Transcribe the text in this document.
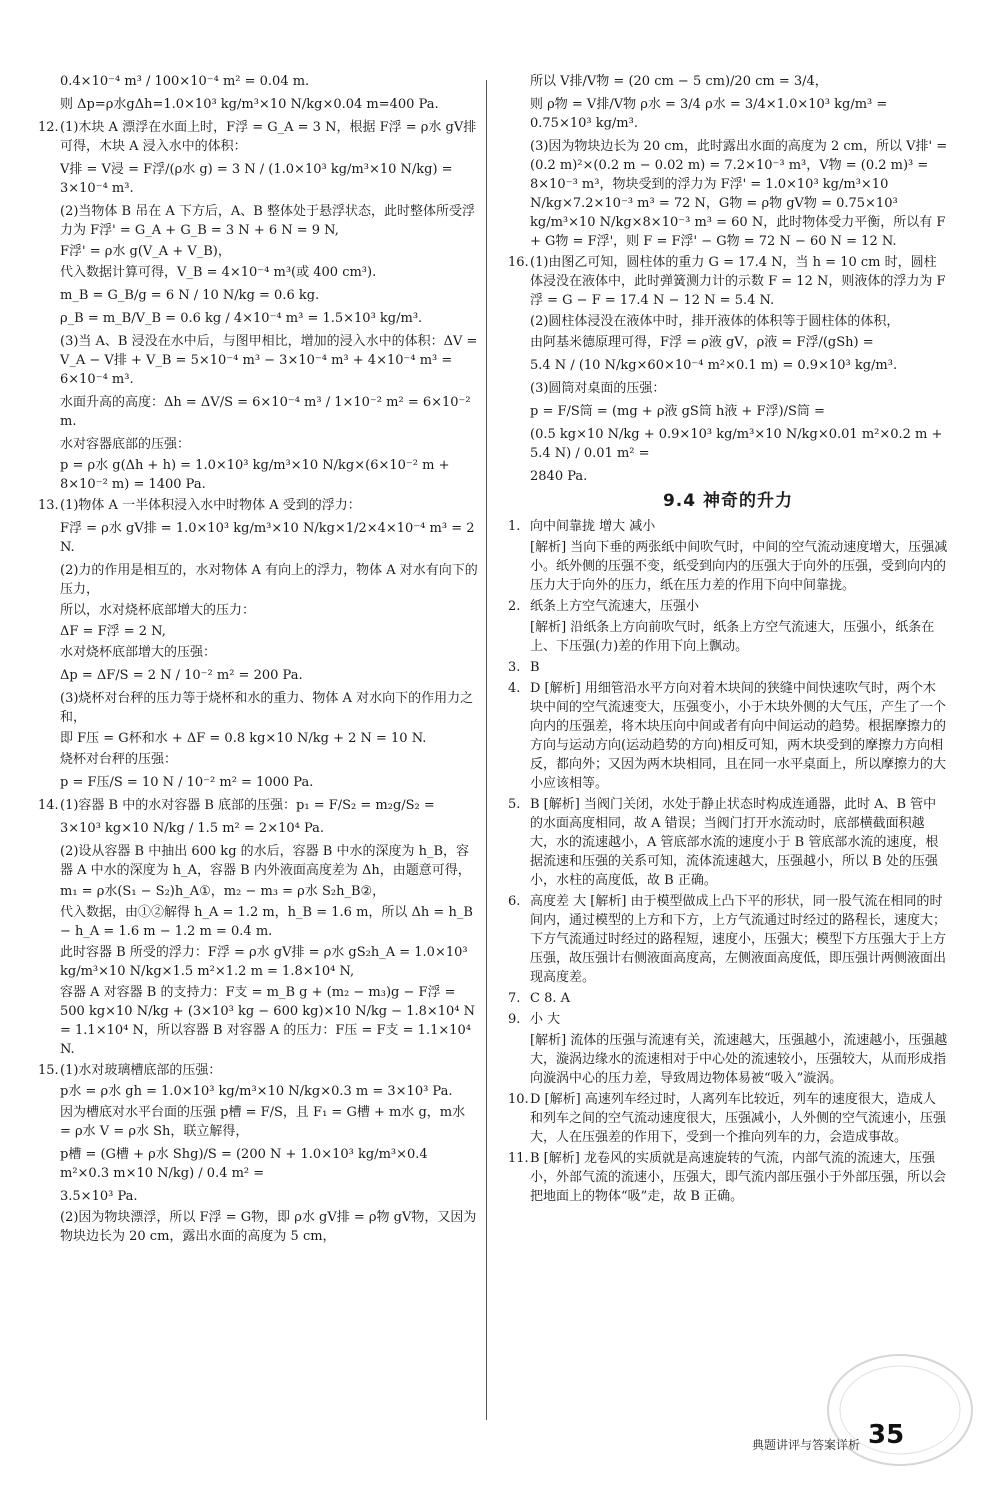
0.4×10⁻⁴ m³ / 100×10⁻⁴ m² = 0.04 m.
则 Δp=ρ水gΔh=1.0×10³ kg/m³×10 N/kg×0.04 m=400 Pa.
12.(1)木块 A 漂浮在水面上时，F浮 = G_A = 3 N，根据 F浮 = ρ水 gV排 可得，木块 A 浸入水中的体积：
V排 = V浸 = F浮/(ρ水 g) = 3 N / (1.0×10³ kg/m³×10 N/kg) = 3×10⁻⁴ m³.
(2)当物体 B 吊在 A 下方后，A、B 整体处于悬浮状态，此时整体所受浮力为 F浮' = G_A + G_B = 3 N + 6 N = 9 N,
F浮' = ρ水 g(V_A + V_B)，
代入数据计算可得，V_B = 4×10⁻⁴ m³(或 400 cm³).
m_B = G_B/g = 6 N / 10 N/kg = 0.6 kg.
ρ_B = m_B/V_B = 0.6 kg / 4×10⁻⁴ m³ = 1.5×10³ kg/m³.
(3)当 A、B 浸没在水中后，与图甲相比，增加的浸入水中的体积：ΔV = V_A − V排 + V_B = 5×10⁻⁴ m³ − 3×10⁻⁴ m³ + 4×10⁻⁴ m³ = 6×10⁻⁴ m³.
水面升高的高度：Δh = ΔV/S = 6×10⁻⁴ m³ / 1×10⁻² m² = 6×10⁻² m.
水对容器底部的压强：
p = ρ水 g(Δh + h) = 1.0×10³ kg/m³×10 N/kg×(6×10⁻² m + 8×10⁻² m) = 1400 Pa.
13.(1)物体 A 一半体积浸入水中时物体 A 受到的浮力：
F浮 = ρ水 gV排 = 1.0×10³ kg/m³×10 N/kg×1/2×4×10⁻⁴ m³ = 2 N.
(2)力的作用是相互的，水对物体 A 有向上的浮力，物体 A 对水有向下的压力，
所以，水对烧杯底部增大的压力：
ΔF = F浮 = 2 N,
水对烧杯底部增大的压强：
Δp = ΔF/S = 2 N / 10⁻² m² = 200 Pa.
(3)烧杯对台秤的压力等于烧杯和水的重力、物体 A 对水向下的作用力之和，
即 F压 = G杯和水 + ΔF = 0.8 kg×10 N/kg + 2 N = 10 N.
烧杯对台秤的压强：
p = F压/S = 10 N / 10⁻² m² = 1000 Pa.
14.(1)容器 B 中的水对容器 B 底部的压强：p₁ = F/S₂ = m₂g/S₂ =
3×10³ kg×10 N/kg / 1.5 m² = 2×10⁴ Pa.
(2)设从容器 B 中抽出 600 kg 的水后，容器 B 中水的深度为 h_B，容器 A 中水的深度为 h_A，容器 B 内外液面高度差为 Δh，由题意可得，
m₁ = ρ水(S₁ − S₂)h_A①，m₂ − m₃ = ρ水 S₂h_B②，
代入数据，由①②解得 h_A = 1.2 m，h_B = 1.6 m，所以 Δh = h_B − h_A = 1.6 m − 1.2 m = 0.4 m.
此时容器 B 所受的浮力：F浮 = ρ水 gV排 = ρ水 gS₂h_A = 1.0×10³ kg/m³×10 N/kg×1.5 m²×1.2 m = 1.8×10⁴ N,
容器 A 对容器 B 的支持力：F支 = m_B g + (m₂ − m₃)g − F浮 = 500 kg×10 N/kg + (3×10³ kg − 600 kg)×10 N/kg − 1.8×10⁴ N = 1.1×10⁴ N，所以容器 B 对容器 A 的压力：F压 = F支 = 1.1×10⁴ N.
15.(1)水对玻璃槽底部的压强：
p水 = ρ水 gh = 1.0×10³ kg/m³×10 N/kg×0.3 m = 3×10³ Pa.
因为槽底对水平台面的压强 p槽 = F/S，且 F₁ = G槽 + m水 g，m水 = ρ水 V = ρ水 Sh，联立解得，
p槽 = (G槽 + ρ水 Shg)/S = (200 N + 1.0×10³ kg/m³×0.4 m²×0.3 m×10 N/kg) / 0.4 m² =
3.5×10³ Pa.
(2)因为物块漂浮，所以 F浮 = G物，即 ρ水 gV排 = ρ物 gV物，又因为物块边长为 20 cm，露出水面的高度为 5 cm，
所以 V排/V物 = (20 cm − 5 cm)/20 cm = 3/4，
则 ρ物 = V排/V物 ρ水 = 3/4 ρ水 = 3/4×1.0×10³ kg/m³ = 0.75×10³ kg/m³.
(3)因为物块边长为 20 cm，此时露出水面的高度为 2 cm，所以 V排' = (0.2 m)²×(0.2 m − 0.02 m) = 7.2×10⁻³ m³，V物 = (0.2 m)³ = 8×10⁻³ m³，物块受到的浮力为 F浮' = 1.0×10³ kg/m³×10 N/kg×7.2×10⁻³ m³ = 72 N，G物 = ρ物 gV物 = 0.75×10³ kg/m³×10 N/kg×8×10⁻³ m³ = 60 N，此时物体受力平衡，所以有 F + G物 = F浮'，则 F = F浮' − G物 = 72 N − 60 N = 12 N.
16.(1)由图乙可知，圆柱体的重力 G = 17.4 N，当 h = 10 cm 时，圆柱体浸没在液体中，此时弹簧测力计的示数 F = 12 N，则液体的浮力为 F浮 = G − F = 17.4 N − 12 N = 5.4 N.
(2)圆柱体浸没在液体中时，排开液体的体积等于圆柱体的体积，
由阿基米德原理可得，F浮 = ρ液 gV，ρ液 = F浮/(gSh) =
5.4 N / (10 N/kg×60×10⁻⁴ m²×0.1 m) = 0.9×10³ kg/m³.
(3)圆筒对桌面的压强：
p = F/S筒 = (mg + ρ液 gS筒 h液 + F浮)/S筒 =
(0.5 kg×10 N/kg + 0.9×10³ kg/m³×10 N/kg×0.01 m²×0.2 m + 5.4 N) / 0.01 m² =
2840 Pa.
9.4 神奇的升力
1. 向中间靠拢 增大 减小
[解析] 当向下垂的两张纸中间吹气时，中间的空气流动速度增大，压强减小。纸外侧的压强不变，纸受到向内的压强大于向外的压强，受到向内的压力大于向外的压力，纸在压力差的作用下向中间靠拢。
2. 纸条上方空气流速大，压强小
[解析] 沿纸条上方向前吹气时，纸条上方空气流速大，压强小，纸条在上、下压强(力)差的作用下向上飘动。
3. B
4. D [解析] 用细管沿水平方向对着木块间的狭缝中间快速吹气时，两个木块中间的空气流速变大，压强变小，小于木块外侧的大气压，产生了一个向内的压强差，将木块压向中间或者有向中间运动的趋势。根据摩擦力的方向与运动方向(运动趋势的方向)相反可知，两木块受到的摩擦力方向相反，都向外；又因为两木块相同，且在同一水平桌面上，所以摩擦力的大小应该相等。
5. B [解析] 当阀门关闭，水处于静止状态时构成连通器，此时 A、B 管中的水面高度相同，故 A 错误；当阀门打开水流动时，底部横截面积越大，水的流速越小，A 管底部水流的速度小于 B 管底部水流的速度，根据流速和压强的关系可知，流体流速越大，压强越小，所以 B 处的压强小，水柱的高度低，故 B 正确。
6. 高度差 大 [解析] 由于模型做成上凸下平的形状，同一股气流在相同的时间内，通过模型的上方和下方，上方气流通过时经过的路程长，速度大；下方气流通过时经过的路程短，速度小，压强大；模型下方压强大于上方压强，故压强计右侧液面高度高，左侧液面高度低，即压强计两侧液面出现高度差。
7. C 8. A
9. 小 大
[解析] 流体的压强与流速有关，流速越大，压强越小，流速越小，压强越大，漩涡边缘水的流速相对于中心处的流速较小，压强较大，从而形成指向漩涡中心的压力差，导致周边物体易被“吸入”漩涡。
10.D [解析] 高速列车经过时，人离列车比较近，列车的速度很大，造成人和列车之间的空气流动速度很大，压强减小，人外侧的空气流速小，压强大，人在压强差的作用下，受到一个推向列车的力，会造成事故。
11.B [解析] 龙卷风的实质就是高速旋转的气流，内部气流的流速大，压强小，外部气流的流速小，压强大，即气流内部压强小于外部压强，所以会把地面上的物体“吸”走，故 B 正确。
35
典题讲评与答案详析
